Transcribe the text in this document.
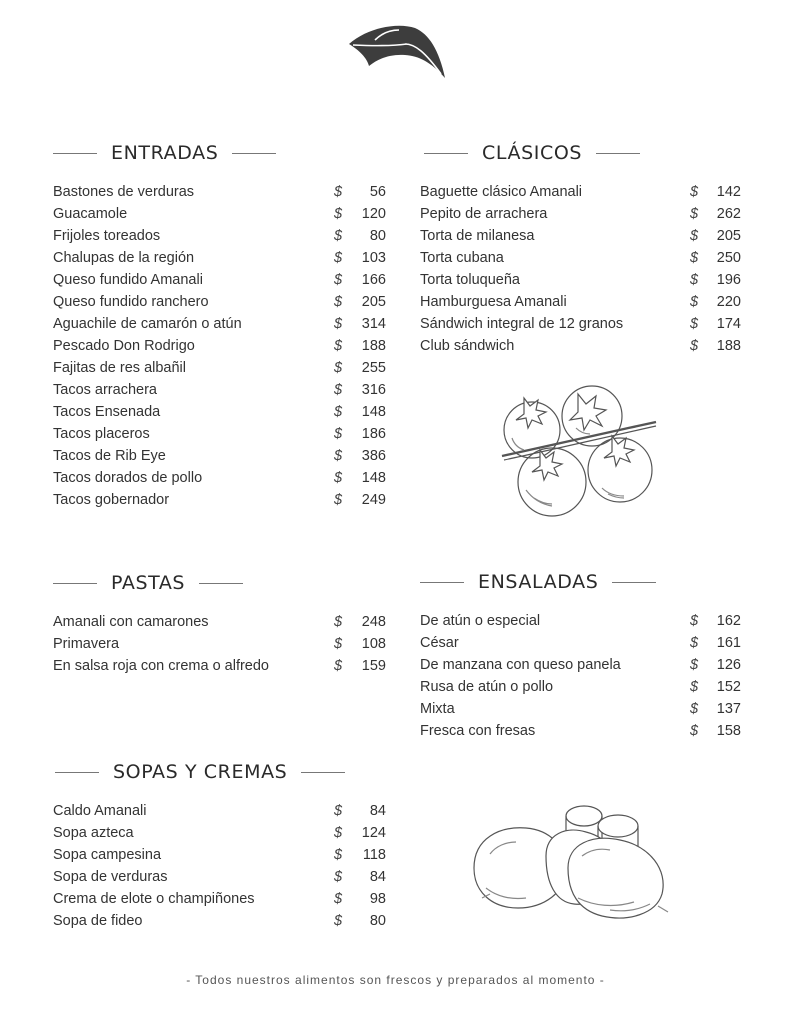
ENTRADAS
Bastones de verduras	$	56
Guacamole	$	120
Frijoles toreados	$	80
Chalupas de la región	$	103
Queso fundido Amanali	$	166
Queso fundido ranchero	$	205
Aguachile de camarón o atún	$	314
Pescado Don Rodrigo	$	188
Fajitas de res albañil	$	255
Tacos arrachera	$	316
Tacos Ensenada	$	148
Tacos placeros	$	186
Tacos de Rib Eye	$	386
Tacos dorados de pollo	$	148
Tacos gobernador	$	249
CLÁSICOS
Baguette clásico Amanali	$	142
Pepito de arrachera	$	262
Torta de milanesa	$	205
Torta cubana	$	250
Torta toluqueña	$	196
Hamburguesa Amanali	$	220
Sándwich integral de 12 granos	$	174
Club sándwich	$	188
PASTAS
Amanali con camarones	$	248
Primavera	$	108
En salsa roja con crema o alfredo	$	159
ENSALADAS
De atún o especial	$	162
César	$	161
De manzana con queso panela	$	126
Rusa de atún o pollo	$	152
Mixta	$	137
Fresca con fresas	$	158
SOPAS Y CREMAS
Caldo Amanali	$	84
Sopa azteca	$	124
Sopa campesina	$	118
Sopa de verduras	$	84
Crema de elote o champiñones	$	98
Sopa de fideo	$	80
- Todos nuestros alimentos son frescos y preparados al momento -
